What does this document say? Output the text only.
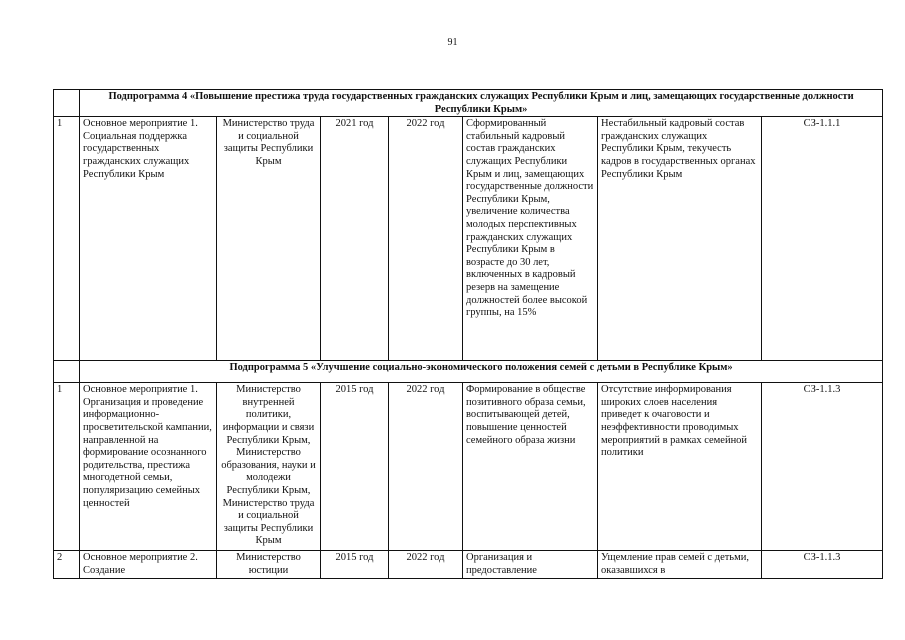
91
	Подпрограмма 4 «Повышение престижа труда государственных гражданских служащих Республики Крым и лиц, замещающих государственные должности Республики Крым»						
1	Основное мероприятие 1. Социальная поддержка государственных гражданских служащих Республики Крым	Министерство труда и социальной защиты Республики Крым	2021 год	2022 год	Сформированный стабильный кадровый состав гражданских служащих Республики Крым и лиц, замещающих государственные должности Республики Крым, увеличение количества молодых перспективных гражданских служащих Республики Крым в возрасте до 30 лет, включенных в кадровый резерв на замещение должностей более высокой группы, на 15%	Нестабильный кадровый состав гражданских служащих Республики Крым, текучесть кадров в государственных органах Республики Крым	СЗ-1.1.1
	Подпрограмма 5 «Улучшение социально-экономического положения семей с детьми в Республике Крым»						
1	Основное мероприятие 1. Организация и проведение информационно-просветительской кампании, направленной на формирование осознанного родительства, престижа многодетной семьи, популяризацию семейных ценностей	Министерство внутренней политики, информации и связи Республики Крым, Министерство образования, науки и молодежи Республики Крым, Министерство труда и социальной защиты Республики Крым	2015 год	2022 год	Формирование в обществе позитивного образа семьи, воспитывающей детей, повышение ценностей семейного образа жизни	Отсутствие информирования широких слоев населения приведет к очаговости и неэффективности проводимых мероприятий в рамках семейной политики	СЗ-1.1.3
2	Основное мероприятие 2. Создание	Министерство юстиции	2015 год	2022 год	Организация и предоставление	Ущемление прав семей с детьми, оказавшихся в	СЗ-1.1.3
